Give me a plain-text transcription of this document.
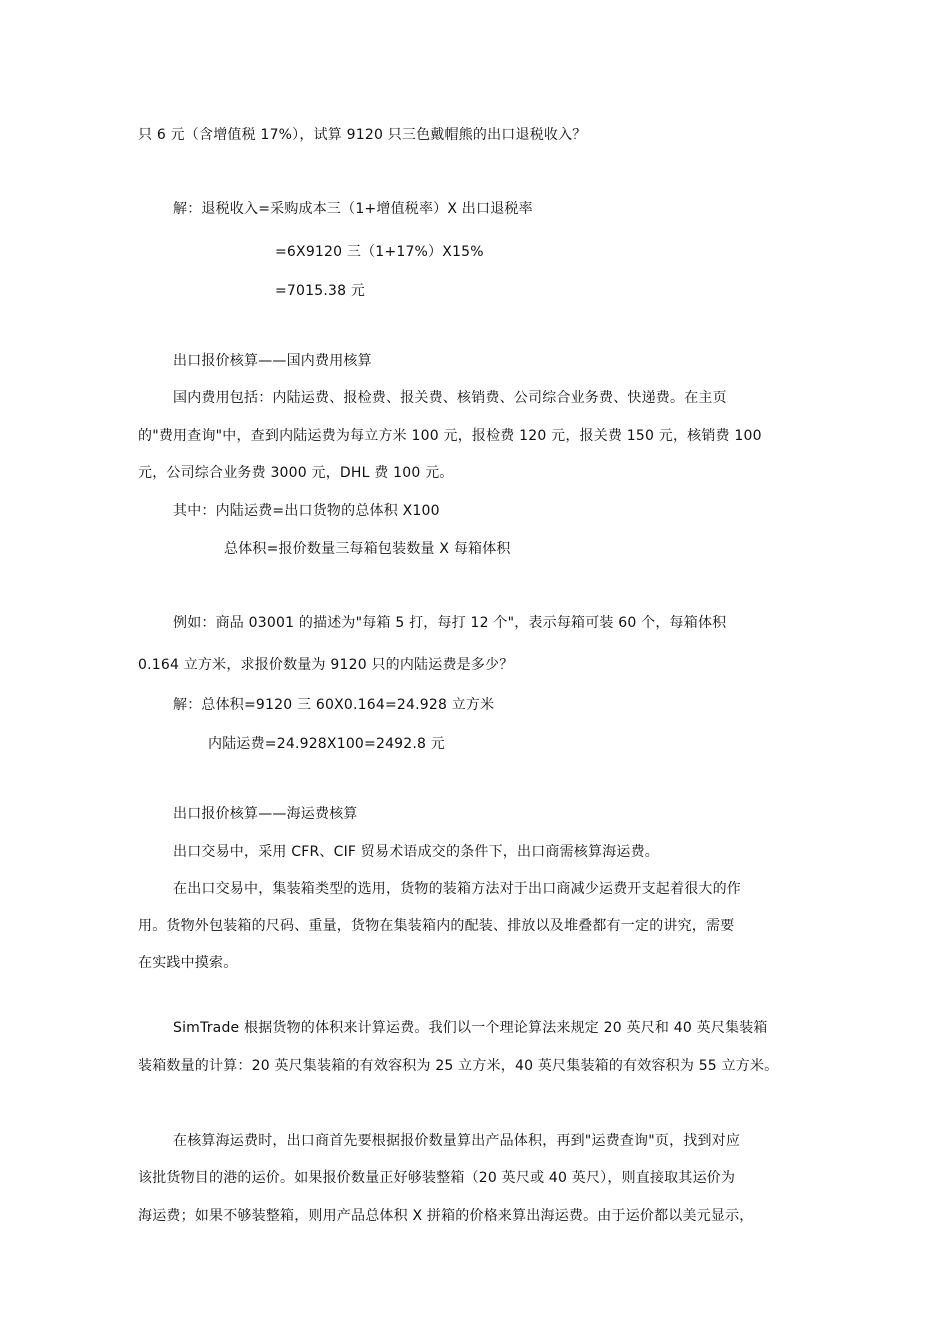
只 6 元（含增值税 17%），试算 9120 只三色戴帽熊的出口退税收入？
解：退税收入=采购成本三（1+增值税率）X 出口退税率
=6X9120 三（1+17%）X15%
=7015.38 元
出口报价核算——国内费用核算
国内费用包括：内陆运费、报检费、报关费、核销费、公司综合业务费、快递费。在主页
的"费用查询"中，查到内陆运费为每立方米 100 元，报检费 120 元，报关费 150 元，核销费 100
元，公司综合业务费 3000 元，DHL 费 100 元。
其中：内陆运费=出口货物的总体积 X100
总体积=报价数量三每箱包装数量 X 每箱体积
例如：商品 03001 的描述为"每箱 5 打，每打 12 个"，表示每箱可装 60 个，每箱体积
0.164 立方米，求报价数量为 9120 只的内陆运费是多少？
解：总体积=9120 三 60X0.164=24.928 立方米
内陆运费=24.928X100=2492.8 元
出口报价核算——海运费核算
出口交易中，采用 CFR、CIF 贸易术语成交的条件下，出口商需核算海运费。
在出口交易中，集装箱类型的选用，货物的装箱方法对于出口商减少运费开支起着很大的作
用。货物外包装箱的尺码、重量，货物在集装箱内的配装、排放以及堆叠都有一定的讲究，需要
在实践中摸索。
SimTrade 根据货物的体积来计算运费。我们以一个理论算法来规定 20 英尺和 40 英尺集装箱
装箱数量的计算：20 英尺集装箱的有效容积为 25 立方米，40 英尺集装箱的有效容积为 55 立方米。
在核算海运费时，出口商首先要根据报价数量算出产品体积，再到"运费查询"页，找到对应
该批货物目的港的运价。如果报价数量正好够装整箱（20 英尺或 40 英尺），则直接取其运价为
海运费；如果不够装整箱，则用产品总体积 X 拼箱的价格来算出海运费。由于运价都以美元显示，
